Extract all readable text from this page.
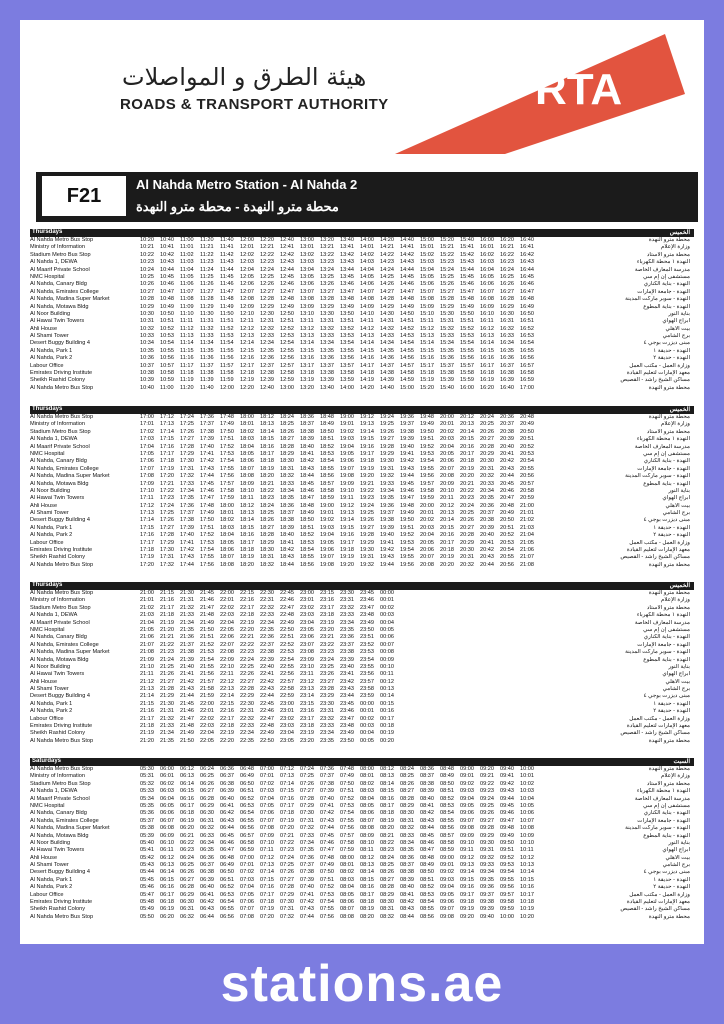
هيئة الطرق و المواصلات
ROADS & TRANSPORT AUTHORITY	RTA
F21	Al Nahda Metro Station - Al Nahda 2
محطة مترو النهدة - محطة مترو النهدة
Thursdays	الخميس
Al Nahda Metro Bus Stop	10:20	10:40	11:00	11:20	11:40	12:00	12:20	12:40	13:00	13:20	13:40	14:00	14:20	14:40	15:00	15:20	15:40	16:00	16:20	16:40	محطة مترو النهدة
Ministry of Information	10:21	10:41	11:01	11:21	11:41	12:01	12:21	12:41	13:01	13:21	13:41	14:01	14:21	14:41	15:01	15:21	15:41	16:01	16:21	16:41	وزارة الإعلام
Stadium Metro Bus Stop	10:22	10:42	11:02	11:22	11:42	12:02	12:22	12:42	13:02	13:22	13:42	14:02	14:22	14:42	15:02	15:22	15:42	16:02	16:22	16:42	محطة مترو الاستاد
Al Nahda 1, DEWA	10:23	10:43	11:03	11:23	11:43	12:03	12:23	12:43	13:03	13:23	13:43	14:03	14:23	14:43	15:03	15:23	15:43	16:03	16:23	16:43	النهدة ١ محطة الكهرباء
Al Maarif Private School	10:24	10:44	11:04	11:24	11:44	12:04	12:24	12:44	13:04	13:24	13:44	14:04	14:24	14:44	15:04	15:24	15:44	16:04	16:24	16:44	مدرسة المعارف الخاصة
NMC Hospital	10:25	10:45	11:05	11:25	11:45	12:05	12:25	12:45	13:05	13:25	13:45	14:05	14:25	14:45	15:05	15:25	15:45	16:05	16:25	16:45	مستشفى إن إم سي
Al Nahda, Canary Bldg	10:26	10:46	11:06	11:26	11:46	12:06	12:26	12:46	13:06	13:26	13:46	14:06	14:26	14:46	15:06	15:26	15:46	16:06	16:26	16:46	النهدة - بناية الكناري
Al Nahda, Emirates College	10:27	10:47	11:07	11:27	11:47	12:07	12:27	12:47	13:07	13:27	13:47	14:07	14:27	14:47	15:07	15:27	15:47	16:07	16:27	16:47	النهدة - جامعة الإمارات
Al Nahda, Madina Super Market	10:28	10:48	11:08	11:28	11:48	12:08	12:28	12:48	13:08	13:28	13:48	14:08	14:28	14:48	15:08	15:28	15:48	16:08	16:28	16:48	النهدة - سوبر ماركت المدينة
Al Nahda, Motawa Bldg	10:29	10:49	11:09	11:29	11:49	12:09	12:29	12:49	13:09	13:29	13:49	14:09	14:29	14:49	15:09	15:29	15:49	16:09	16:29	16:49	النهدة - بناية المطوع
Al Noor Building	10:30	10:50	11:10	11:30	11:50	12:10	12:30	12:50	13:10	13:30	13:50	14:10	14:30	14:50	15:10	15:30	15:50	16:10	16:30	16:50	بناية النور
Al Hawai Twin Towers	10:31	10:51	11:11	11:31	11:51	12:11	12:31	12:51	13:11	13:31	13:51	14:11	14:31	14:51	15:11	15:31	15:51	16:11	16:31	16:51	أبراج الهواي
Ahli House	10:32	10:52	11:12	11:32	11:52	12:12	12:32	12:52	13:12	13:32	13:52	14:12	14:32	14:52	15:12	15:32	15:52	16:12	16:32	16:52	بيت الأهلي
Al Shami Tower	10:33	10:53	11:13	11:33	11:53	12:13	12:33	12:53	13:13	13:33	13:53	14:13	14:33	14:53	15:13	15:33	15:53	16:13	16:33	16:53	برج الشامي
Desert Buggy Building 4	10:34	10:54	11:14	11:34	11:54	12:14	12:34	12:54	13:14	13:34	13:54	14:14	14:34	14:54	15:14	15:34	15:54	16:14	16:34	16:54	مبنى ديزرت بوجي ٤
Al Nahda, Park 1	10:35	10:55	11:15	11:35	11:55	12:15	12:35	12:55	13:15	13:35	13:55	14:15	14:35	14:55	15:15	15:35	15:55	16:15	16:35	16:55	النهدة - حديقة ١
Al Nahda, Park 2	10:36	10:56	11:16	11:36	11:56	12:16	12:36	12:56	13:16	13:36	13:56	14:16	14:36	14:56	15:16	15:36	15:56	16:16	16:36	16:56	النهدة - حديقة ٢
Labour Office	10:37	10:57	11:17	11:37	11:57	12:17	12:37	12:57	13:17	13:37	13:57	14:17	14:37	14:57	15:17	15:37	15:57	16:17	16:37	16:57	وزارة العمل - مكتب العمل
Emirates Driving Institute	10:38	10:58	11:18	11:38	11:58	12:18	12:38	12:58	13:18	13:38	13:58	14:18	14:38	14:58	15:18	15:38	15:58	16:18	16:38	16:58	معهد الإمارات لتعليم القيادة
Sheikh Rashid Colony	10:39	10:59	11:19	11:39	11:59	12:19	12:39	12:59	13:19	13:39	13:59	14:19	14:39	14:59	15:19	15:39	15:59	16:19	16:39	16:59	مساكن الشيخ راشد - القصيص
Al Nahda Metro Bus Stop	10:40	11:00	11:20	11:40	12:00	12:20	12:40	13:00	13:20	13:40	14:00	14:20	14:40	15:00	15:20	15:40	16:00	16:20	16:40	17:00	محطة مترو النهدة
Thursdays	الخميس
Al Nahda Metro Bus Stop	17:00	17:12	17:24	17:36	17:48	18:00	18:12	18:24	18:36	18:48	19:00	19:12	19:24	19:36	19:48	20:00	20:12	20:24	20:36	20:48	محطة مترو النهدة
Ministry of Information	17:01	17:13	17:25	17:37	17:49	18:01	18:13	18:25	18:37	18:49	19:01	19:13	19:25	19:37	19:49	20:01	20:13	20:25	20:37	20:49	وزارة الإعلام
Stadium Metro Bus Stop	17:02	17:14	17:26	17:38	17:50	18:02	18:14	18:26	18:38	18:50	19:02	19:14	19:26	19:38	19:50	20:02	20:14	20:26	20:38	20:50	محطة مترو الاستاد
Al Nahda 1, DEWA	17:03	17:15	17:27	17:39	17:51	18:03	18:15	18:27	18:39	18:51	19:03	19:15	19:27	19:39	19:51	20:03	20:15	20:27	20:39	20:51	النهدة ١ محطة الكهرباء
Al Maarif Private School	17:04	17:16	17:28	17:40	17:52	18:04	18:16	18:28	18:40	18:52	19:04	19:16	19:28	19:40	19:52	20:04	20:16	20:28	20:40	20:52	مدرسة المعارف الخاصة
NMC Hospital	17:05	17:17	17:29	17:41	17:53	18:05	18:17	18:29	18:41	18:53	19:05	19:17	19:29	19:41	19:53	20:05	20:17	20:29	20:41	20:53	مستشفى إن إم سي
Al Nahda, Canary Bldg	17:06	17:18	17:30	17:42	17:54	18:06	18:18	18:30	18:42	18:54	19:06	19:18	19:30	19:42	19:54	20:06	20:18	20:30	20:42	20:54	النهدة - بناية الكناري
Al Nahda, Emirates College	17:07	17:19	17:31	17:43	17:55	18:07	18:19	18:31	18:43	18:55	19:07	19:19	19:31	19:43	19:55	20:07	20:19	20:31	20:43	20:55	النهدة - جامعة الإمارات
Al Nahda, Madina Super Market	17:08	17:20	17:32	17:44	17:56	18:08	18:20	18:32	18:44	18:56	19:08	19:20	19:32	19:44	19:56	20:08	20:20	20:32	20:44	20:56	النهدة - سوبر ماركت المدينة
Al Nahda, Motawa Bldg	17:09	17:21	17:33	17:45	17:57	18:09	18:21	18:33	18:45	18:57	19:09	19:21	19:33	19:45	19:57	20:09	20:21	20:33	20:45	20:57	النهدة - بناية المطوع
Al Noor Building	17:10	17:22	17:34	17:46	17:58	18:10	18:22	18:34	18:46	18:58	19:10	19:22	19:34	19:46	19:58	20:10	20:22	20:34	20:46	20:58	بناية النور
Al Hawai Twin Towers	17:11	17:23	17:35	17:47	17:59	18:11	18:23	18:35	18:47	18:59	19:11	19:23	19:35	19:47	19:59	20:11	20:23	20:35	20:47	20:59	أبراج الهواي
Ahli House	17:12	17:24	17:36	17:48	18:00	18:12	18:24	18:36	18:48	19:00	19:12	19:24	19:36	19:48	20:00	20:12	20:24	20:36	20:48	21:00	بيت الأهلي
Al Shami Tower	17:13	17:25	17:37	17:49	18:01	18:13	18:25	18:37	18:49	19:01	19:13	19:25	19:37	19:49	20:01	20:13	20:25	20:37	20:49	21:01	برج الشامي
Desert Buggy Building 4	17:14	17:26	17:38	17:50	18:02	18:14	18:26	18:38	18:50	19:02	19:14	19:26	19:38	19:50	20:02	20:14	20:26	20:38	20:50	21:02	مبنى ديزرت بوجي ٤
Al Nahda, Park 1	17:15	17:27	17:39	17:51	18:03	18:15	18:27	18:39	18:51	19:03	19:15	19:27	19:39	19:51	20:03	20:15	20:27	20:39	20:51	21:03	النهدة - حديقة ١
Al Nahda, Park 2	17:16	17:28	17:40	17:52	18:04	18:16	18:28	18:40	18:52	19:04	19:16	19:28	19:40	19:52	20:04	20:16	20:28	20:40	20:52	21:04	النهدة - حديقة ٢
Labour Office	17:17	17:29	17:41	17:53	18:05	18:17	18:29	18:41	18:53	19:05	19:17	19:29	19:41	19:53	20:05	20:17	20:29	20:41	20:53	21:05	وزارة العمل - مكتب العمل
Emirates Driving Institute	17:18	17:30	17:42	17:54	18:06	18:18	18:30	18:42	18:54	19:06	19:18	19:30	19:42	19:54	20:06	20:18	20:30	20:42	20:54	21:06	معهد الإمارات لتعليم القيادة
Sheikh Rashid Colony	17:19	17:31	17:43	17:55	18:07	18:19	18:31	18:43	18:55	19:07	19:19	19:31	19:43	19:55	20:07	20:19	20:31	20:43	20:55	21:07	مساكن الشيخ راشد - القصيص
Al Nahda Metro Bus Stop	17:20	17:32	17:44	17:56	18:08	18:20	18:32	18:44	18:56	19:08	19:20	19:32	19:44	19:56	20:08	20:20	20:32	20:44	20:56	21:08	محطة مترو النهدة
Thursdays	الخميس
Al Nahda Metro Bus Stop	21:00	21:15	21:30	21:45	22:00	22:15	22:30	22:45	23:00	23:15	23:30	23:45	00:00	محطة مترو النهدة
Ministry of Information	21:01	21:16	21:31	21:46	22:01	22:16	22:31	22:46	23:01	23:16	23:31	23:46	00:01	وزارة الإعلام
Stadium Metro Bus Stop	21:02	21:17	21:32	21:47	22:02	22:17	22:32	22:47	23:02	23:17	23:32	23:47	00:02	محطة مترو الاستاد
Al Nahda 1, DEWA	21:03	21:18	21:33	21:48	22:03	22:18	22:33	22:48	23:03	23:18	23:33	23:48	00:03	النهدة ١ محطة الكهرباء
Al Maarif Private School	21:04	21:19	21:34	21:49	22:04	22:19	22:34	22:49	23:04	23:19	23:34	23:49	00:04	مدرسة المعارف الخاصة
NMC Hospital	21:05	21:20	21:35	21:50	22:05	22:20	22:35	22:50	23:05	23:20	23:35	23:50	00:05	مستشفى إن إم سي
Al Nahda, Canary Bldg	21:06	21:21	21:36	21:51	22:06	22:21	22:36	22:51	23:06	23:21	23:36	23:51	00:06	النهدة - بناية الكناري
Al Nahda, Emirates College	21:07	21:22	21:37	21:52	22:07	22:22	22:37	22:52	23:07	23:22	23:37	23:52	00:07	النهدة - جامعة الإمارات
Al Nahda, Madina Super Market	21:08	21:23	21:38	21:53	22:08	22:23	22:38	22:53	23:08	23:23	23:38	23:53	00:08	النهدة - سوبر ماركت المدينة
Al Nahda, Motawa Bldg	21:09	21:24	21:39	21:54	22:09	22:24	22:39	22:54	23:09	23:24	23:39	23:54	00:09	النهدة - بناية المطوع
Al Noor Building	21:10	21:25	21:40	21:55	22:10	22:25	22:40	22:55	23:10	23:25	23:40	23:55	00:10	بناية النور
Al Hawai Twin Towers	21:11	21:26	21:41	21:56	22:11	22:26	22:41	22:56	23:11	23:26	23:41	23:56	00:11	أبراج الهواي
Ahli House	21:12	21:27	21:42	21:57	22:12	22:27	22:42	22:57	23:12	23:27	23:42	23:57	00:12	بيت الأهلي
Al Shami Tower	21:13	21:28	21:43	21:58	22:13	22:28	22:43	22:58	23:13	23:28	23:43	23:58	00:13	برج الشامي
Desert Buggy Building 4	21:14	21:29	21:44	21:59	22:14	22:29	22:44	22:59	23:14	23:29	23:44	23:59	00:14	مبنى ديزرت بوجي ٤
Al Nahda, Park 1	21:15	21:30	21:45	22:00	22:15	22:30	22:45	23:00	23:15	23:30	23:45	00:00	00:15	النهدة - حديقة ١
Al Nahda, Park 2	21:16	21:31	21:46	22:01	22:16	22:31	22:46	23:01	23:16	23:31	23:46	00:01	00:16	النهدة - حديقة ٢
Labour Office	21:17	21:32	21:47	22:02	22:17	22:32	22:47	23:02	23:17	23:32	23:47	00:02	00:17	وزارة العمل - مكتب العمل
Emirates Driving Institute	21:18	21:33	21:48	22:03	22:18	22:33	22:48	23:03	23:18	23:33	23:48	00:03	00:18	معهد الإمارات لتعليم القيادة
Sheikh Rashid Colony	21:19	21:34	21:49	22:04	22:19	22:34	22:49	23:04	23:19	23:34	23:49	00:04	00:19	مساكن الشيخ راشد - القصيص
Al Nahda Metro Bus Stop	21:20	21:35	21:50	22:05	22:20	22:35	22:50	23:05	23:20	23:35	23:50	00:05	00:20	محطة مترو النهدة
Saturdays	السبت
Al Nahda Metro Bus Stop	05:30	06:00	06:12	06:24	06:36	06:48	07:00	07:12	07:24	07:36	07:48	08:00	08:12	08:24	08:36	08:48	09:00	09:20	09:40	10:00	محطة مترو النهدة
Ministry of Information	05:31	06:01	06:13	06:25	06:37	06:49	07:01	07:13	07:25	07:37	07:49	08:01	08:13	08:25	08:37	08:49	09:01	09:21	09:41	10:01	وزارة الإعلام
Stadium Metro Bus Stop	05:32	06:02	06:14	06:26	06:38	06:50	07:02	07:14	07:26	07:38	07:50	08:02	08:14	08:26	08:38	08:50	09:02	09:22	09:42	10:02	محطة مترو الاستاد
Al Nahda 1, DEWA	05:33	06:03	06:15	06:27	06:39	06:51	07:03	07:15	07:27	07:39	07:51	08:03	08:15	08:27	08:39	08:51	09:03	09:23	09:43	10:03	النهدة ١ محطة الكهرباء
Al Maarif Private School	05:34	06:04	06:16	06:28	06:40	06:52	07:04	07:16	07:28	07:40	07:52	08:04	08:16	08:28	08:40	08:52	09:04	09:24	09:44	10:04	مدرسة المعارف الخاصة
NMC Hospital	05:35	06:05	06:17	06:29	06:41	06:53	07:05	07:17	07:29	07:41	07:53	08:05	08:17	08:29	08:41	08:53	09:05	09:25	09:45	10:05	مستشفى إن إم سي
Al Nahda, Canary Bldg	05:36	06:06	06:18	06:30	06:42	06:54	07:06	07:18	07:30	07:42	07:54	08:06	08:18	08:30	08:42	08:54	09:06	09:26	09:46	10:06	النهدة - بناية الكناري
Al Nahda, Emirates College	05:37	06:07	06:19	06:31	06:43	06:55	07:07	07:19	07:31	07:43	07:55	08:07	08:19	08:31	08:43	08:55	09:07	09:27	09:47	10:07	النهدة - جامعة الإمارات
Al Nahda, Madina Super Market	05:38	06:08	06:20	06:32	06:44	06:56	07:08	07:20	07:32	07:44	07:56	08:08	08:20	08:32	08:44	08:56	09:08	09:28	09:48	10:08	النهدة - سوبر ماركت المدينة
Al Nahda, Motawa Bldg	05:39	06:09	06:21	06:33	06:45	06:57	07:09	07:21	07:33	07:45	07:57	08:09	08:21	08:33	08:45	08:57	09:09	09:29	09:49	10:09	النهدة - بناية المطوع
Al Noor Building	05:40	06:10	06:22	06:34	06:46	06:58	07:10	07:22	07:34	07:46	07:58	08:10	08:22	08:34	08:46	08:58	09:10	09:30	09:50	10:10	بناية النور
Al Hawai Twin Towers	05:41	06:11	06:23	06:35	06:47	06:59	07:11	07:23	07:35	07:47	07:59	08:11	08:23	08:35	08:47	08:59	09:11	09:31	09:51	10:11	أبراج الهواي
Ahli House	05:42	06:12	06:24	06:36	06:48	07:00	07:12	07:24	07:36	07:48	08:00	08:12	08:24	08:36	08:48	09:00	09:12	09:32	09:52	10:12	بيت الأهلي
Al Shami Tower	05:43	06:13	06:25	06:37	06:49	07:01	07:13	07:25	07:37	07:49	08:01	08:13	08:25	08:37	08:49	09:01	09:13	09:33	09:53	10:13	برج الشامي
Desert Buggy Building 4	05:44	06:14	06:26	06:38	06:50	07:02	07:14	07:26	07:38	07:50	08:02	08:14	08:26	08:38	08:50	09:02	09:14	09:34	09:54	10:14	مبنى ديزرت بوجي ٤
Al Nahda, Park 1	05:45	06:15	06:27	06:39	06:51	07:03	07:15	07:27	07:39	07:51	08:03	08:15	08:27	08:39	08:51	09:03	09:15	09:35	09:55	10:15	النهدة - حديقة ١
Al Nahda, Park 2	05:46	06:16	06:28	06:40	06:52	07:04	07:16	07:28	07:40	07:52	08:04	08:16	08:28	08:40	08:52	09:04	09:16	09:36	09:56	10:16	النهدة - حديقة ٢
Labour Office	05:47	06:17	06:29	06:41	06:53	07:05	07:17	07:29	07:41	07:53	08:05	08:17	08:29	08:41	08:53	09:05	09:17	09:37	09:57	10:17	وزارة العمل - مكتب العمل
Emirates Driving Institute	05:48	06:18	06:30	06:42	06:54	07:06	07:18	07:30	07:42	07:54	08:06	08:18	08:30	08:42	08:54	09:06	09:18	09:38	09:58	10:18	معهد الإمارات لتعليم القيادة
Sheikh Rashid Colony	05:49	06:19	06:31	06:43	06:55	07:07	07:19	07:31	07:43	07:55	08:07	08:19	08:31	08:43	08:55	09:07	09:19	09:39	09:59	10:19	مساكن الشيخ راشد - القصيص
Al Nahda Metro Bus Stop	05:50	06:20	06:32	06:44	06:56	07:08	07:20	07:32	07:44	07:56	08:08	08:20	08:32	08:44	08:56	09:08	09:20	09:40	10:00	10:20	محطة مترو النهدة
stations.ae
